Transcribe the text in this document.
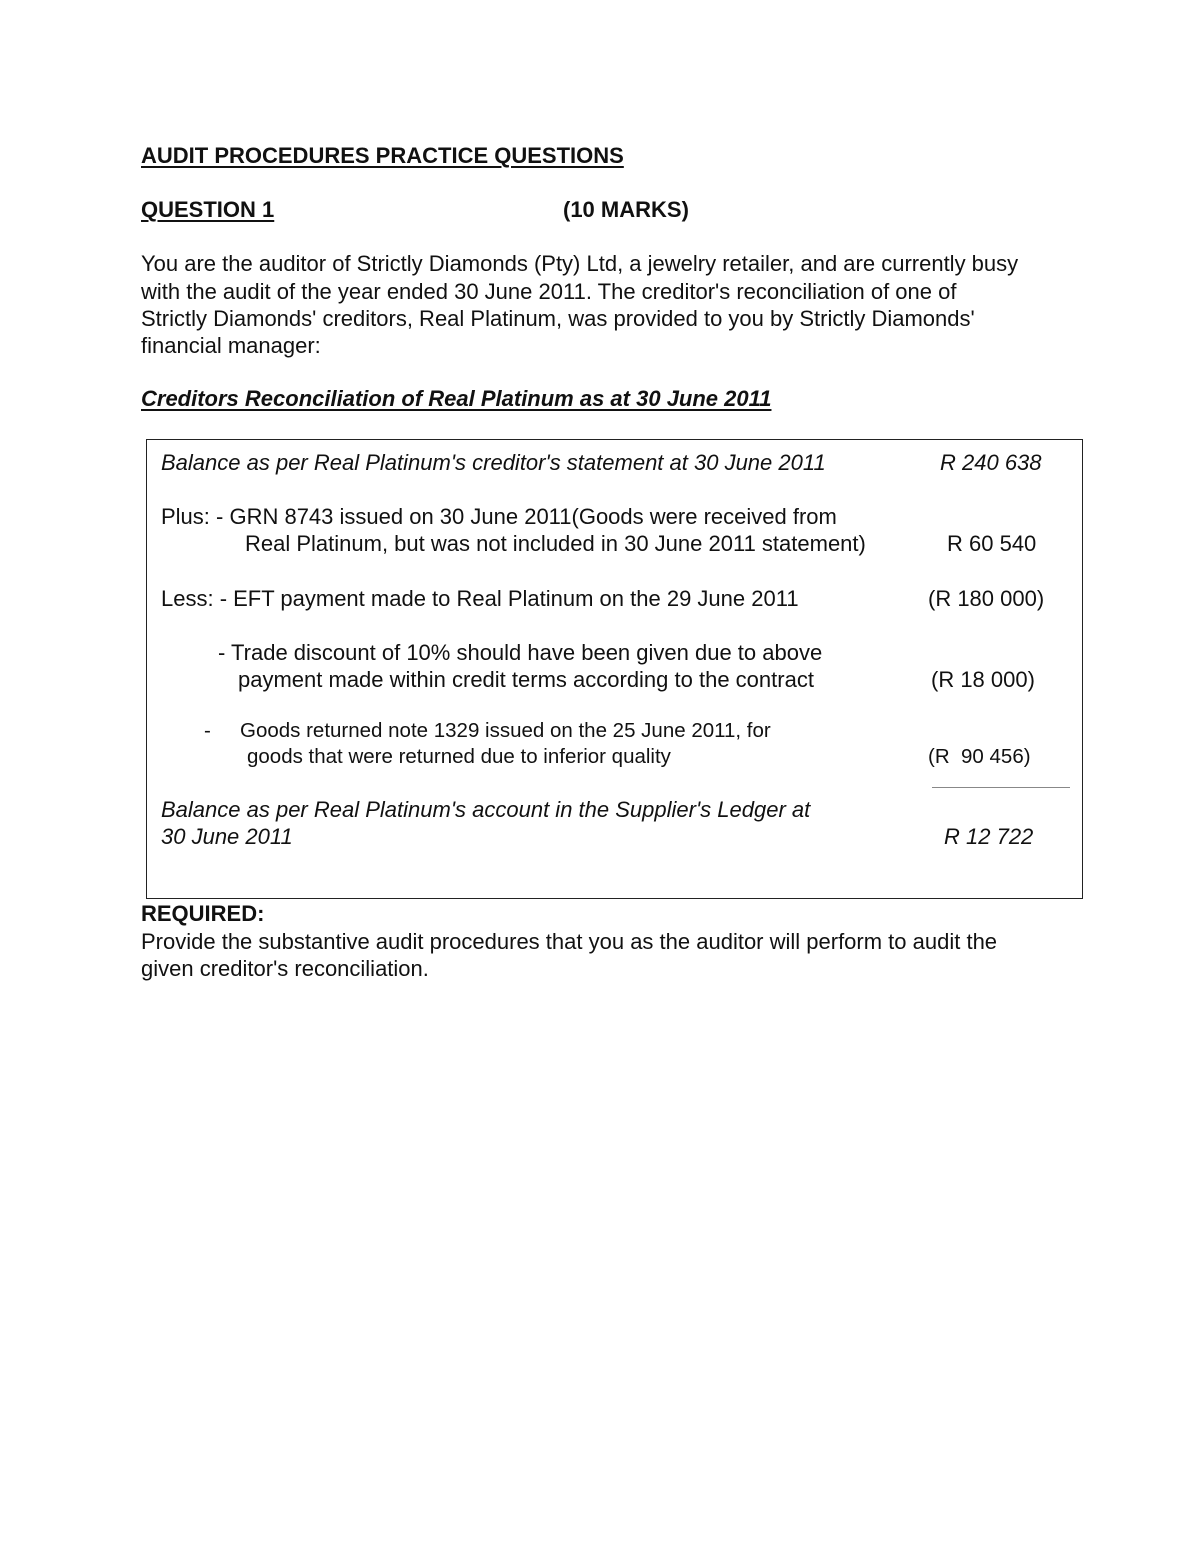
AUDIT PROCEDURES PRACTICE QUESTIONS
QUESTION 1	(10 MARKS)
You are the auditor of Strictly Diamonds (Pty) Ltd, a jewelry retailer, and are currently busy
with the audit of the year ended 30 June 2011. The creditor's reconciliation of one of
Strictly Diamonds' creditors, Real Platinum, was provided to you by Strictly Diamonds'
financial manager:
Creditors Reconciliation of Real Platinum as at 30 June 2011
Balance as per Real Platinum's creditor's statement at 30 June 2011	R 240 638
Plus: - GRN 8743 issued on 30 June 2011(Goods were received from
Real Platinum, but was not included in 30 June 2011 statement)	R 60 540
Less: - EFT payment made to Real Platinum on the 29 June 2011	(R 180 000)
- Trade discount of 10% should have been given due to above
payment made within credit terms according to the contract	(R 18 000)
- Goods returned note 1329 issued on the 25 June 2011, for
goods that were returned due to inferior quality	(R  90 456)
Balance as per Real Platinum's account in the Supplier's Ledger at
30 June 2011	R 12 722
REQUIRED:
Provide the substantive audit procedures that you as the auditor will perform to audit the
given creditor's reconciliation.
